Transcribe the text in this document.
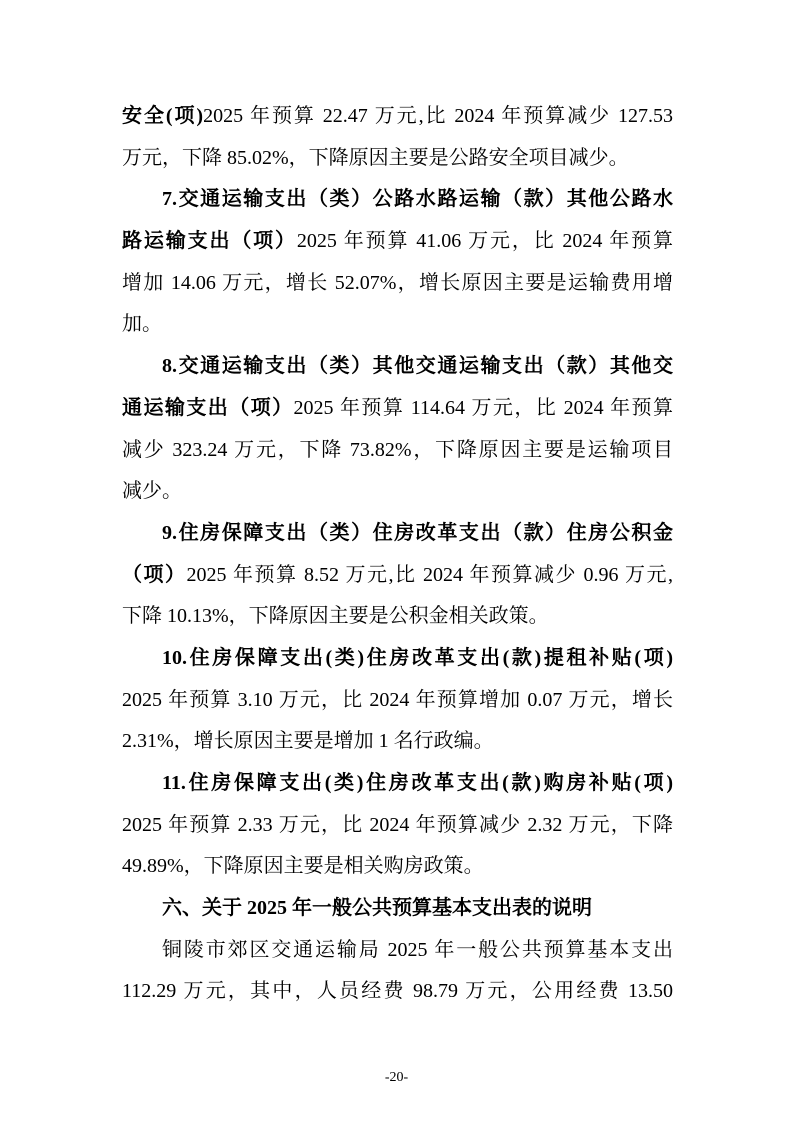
安全(项)2025 年预算 22.47 万元,比 2024 年预算减少 127.53
万元，下降 85.02%，下降原因主要是公路安全项目减少。
7.交通运输支出（类）公路水路运输（款）其他公路水
路运输支出（项）2025 年预算 41.06 万元，比 2024 年预算
增加 14.06 万元，增长 52.07%，增长原因主要是运输费用增
加。
8.交通运输支出（类）其他交通运输支出（款）其他交
通运输支出（项）2025 年预算 114.64 万元，比 2024 年预算
减少 323.24 万元，下降 73.82%，下降原因主要是运输项目
减少。
9.住房保障支出（类）住房改革支出（款）住房公积金
（项）2025 年预算 8.52 万元,比 2024 年预算减少 0.96 万元,
下降 10.13%，下降原因主要是公积金相关政策。
10.住房保障支出(类)住房改革支出(款)提租补贴(项)
2025 年预算 3.10 万元，比 2024 年预算增加 0.07 万元，增长
2.31%，增长原因主要是增加 1 名行政编。
11.住房保障支出(类)住房改革支出(款)购房补贴(项)
2025 年预算 2.33 万元，比 2024 年预算减少 2.32 万元，下降
49.89%，下降原因主要是相关购房政策。
六、关于 2025 年一般公共预算基本支出表的说明
铜陵市郊区交通运输局 2025 年一般公共预算基本支出
112.29 万元，其中，人员经费 98.79 万元，公用经费 13.50
-20-
